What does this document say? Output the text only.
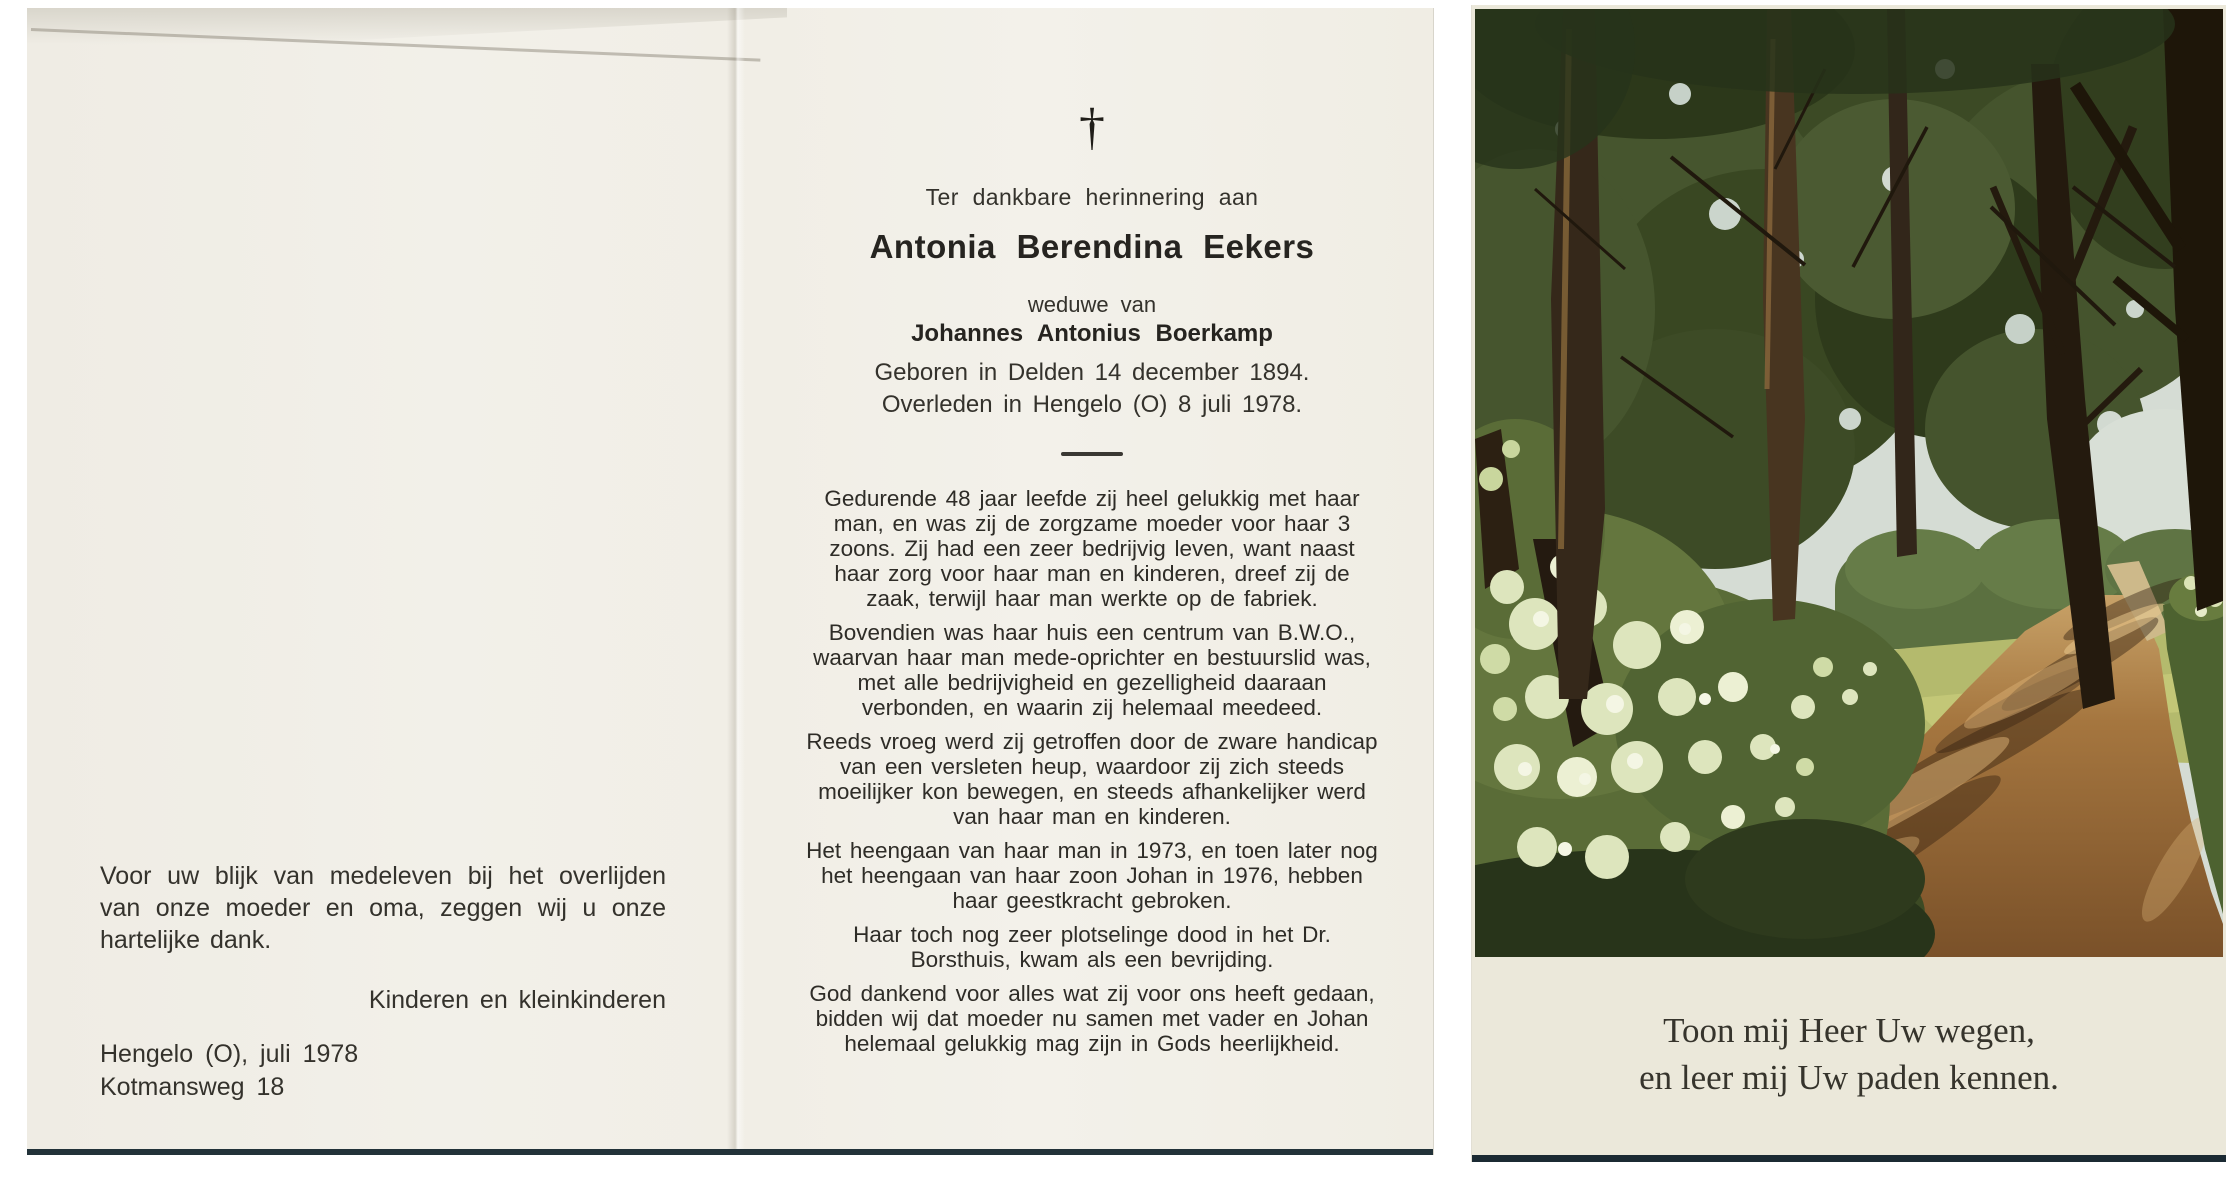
Voor uw blijk van medeleven bij het overlijden van onze moeder en oma, zeggen wij u onze hartelijke dank.

Kinderen en kleinkinderen

Hengelo (O), juli 1978

Kotmansweg 18

†
Ter dankbare herinnering aan
Antonia Berendina Eekers
weduwe van
Johannes Antonius Boerkamp
Geboren in Delden 14 december 1894.
Overleden in Hengelo (O) 8 juli 1978.

Gedurende 48 jaar leefde zij heel gelukkig met haar man, en was zij de zorgzame moeder voor haar 3 zoons. Zij had een zeer bedrijvig leven, want naast haar zorg voor haar man en kinderen, dreef zij de zaak, terwijl haar man werkte op de fabriek.

Bovendien was haar huis een centrum van B.W.O., waarvan haar man mede-oprichter en bestuurslid was, met alle bedrijvigheid en gezelligheid daaraan verbonden, en waarin zij helemaal meedeed.

Reeds vroeg werd zij getroffen door de zware handicap van een versleten heup, waardoor zij zich steeds moeilijker kon bewegen, en steeds afhankelijker werd van haar man en kinderen.

Het heengaan van haar man in 1973, en toen later nog het heengaan van haar zoon Johan in 1976, hebben haar geestkracht gebroken.

Haar toch nog zeer plotselinge dood in het Dr. Borsthuis, kwam als een bevrijding.

God dankend voor alles wat zij voor ons heeft gedaan, bidden wij dat moeder nu samen met vader en Johan helemaal gelukkig mag zijn in Gods heerlijkheid.	Toon mij Heer Uw wegen,
en leer mij Uw paden kennen.
